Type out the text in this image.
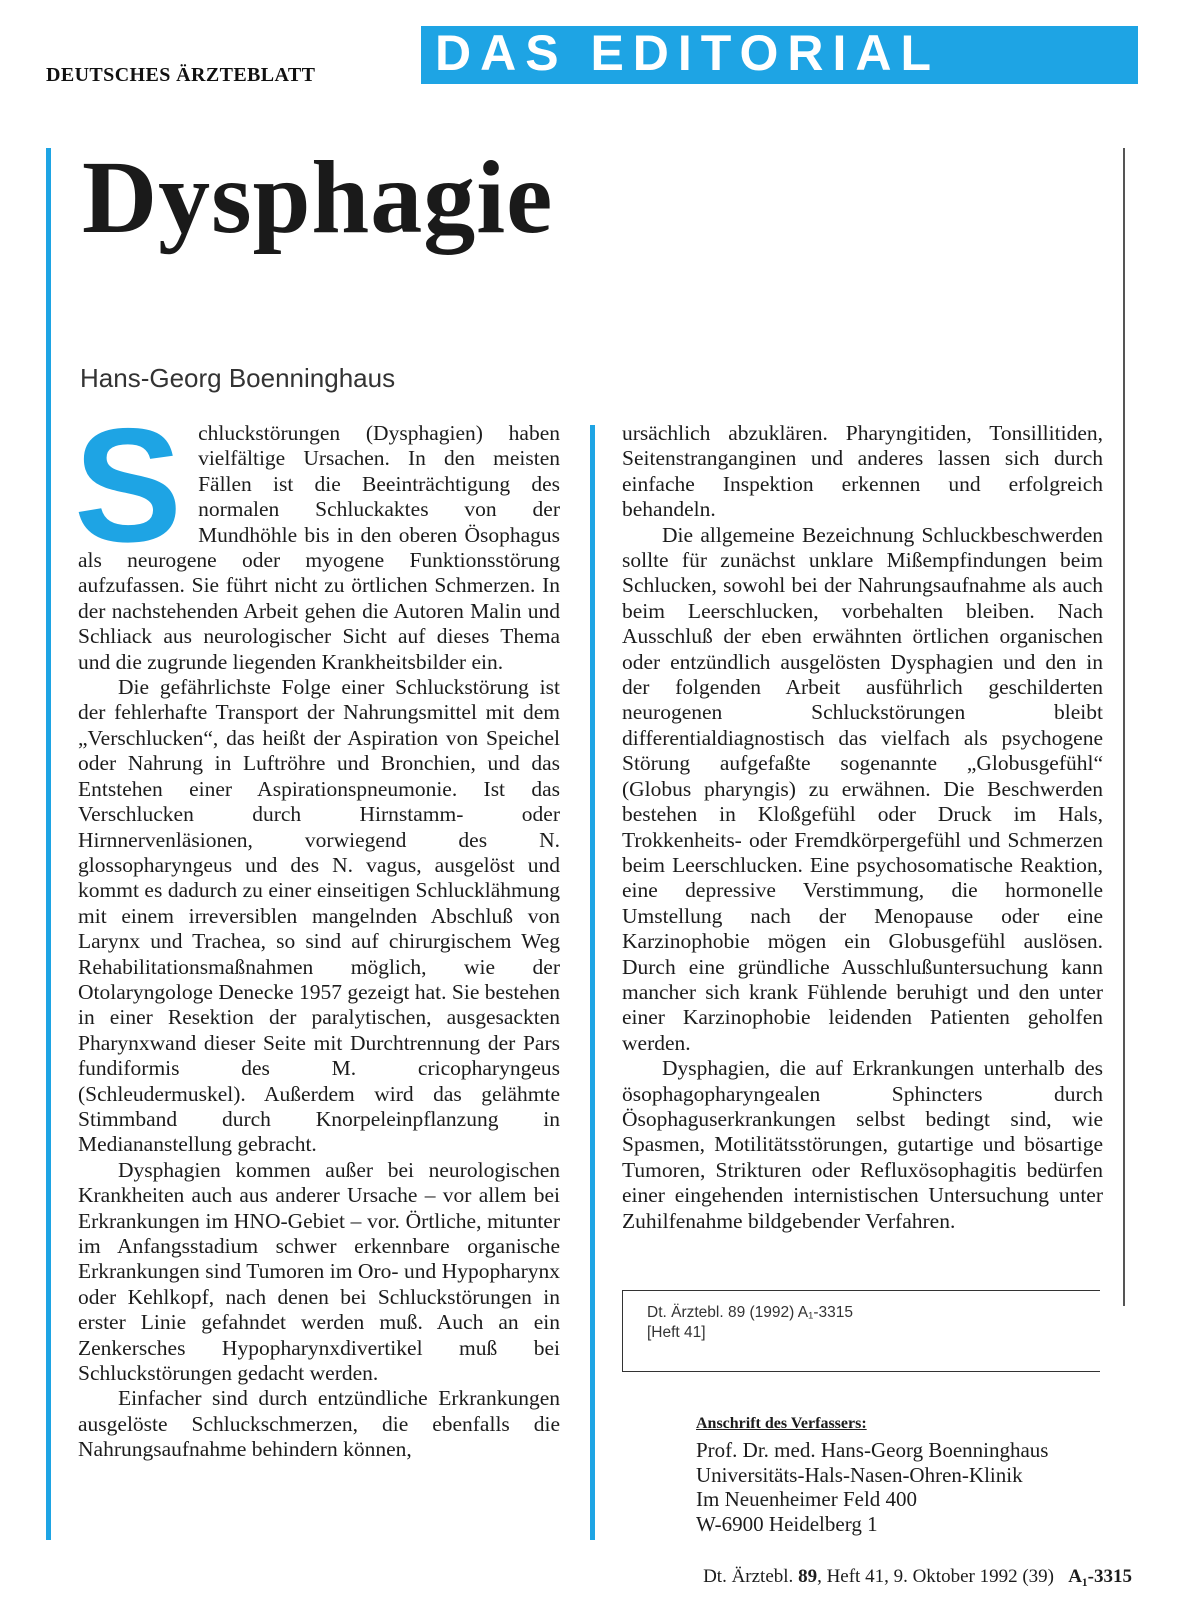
DEUTSCHES ÄRZTEBLATT DAS EDITORIAL
Dysphagie
Hans-Georg Boenninghaus

Schluckstörungen (Dysphagien) haben vielfältige Ursachen. In den meisten Fällen ist die Beeinträchtigung des normalen Schluckaktes von der Mundhöhle bis in den oberen Ösophagus als neurogene oder myogene Funktionsstörung aufzufassen. Sie führt nicht zu örtlichen Schmerzen. In der nachstehenden Arbeit gehen die Autoren Malin und Schliack aus neurologischer Sicht auf dieses Thema und die zugrunde liegenden Krankheitsbilder ein.

Die gefährlichste Folge einer Schluckstörung ist der fehlerhafte Transport der Nahrungsmittel mit dem „Verschlucken“, das heißt der Aspiration von Speichel oder Nahrung in Luftröhre und Bronchien, und das Entstehen einer Aspirationspneumonie. Ist das Verschlucken durch Hirnstamm- oder Hirnnervenläsionen, vorwiegend des N. glossopharyngeus und des N. vagus, ausgelöst und kommt es dadurch zu einer einseitigen Schlucklähmung mit einem irreversiblen mangelnden Abschluß von Larynx und Trachea, so sind auf chirurgischem Weg Rehabilitationsmaßnahmen möglich, wie der Otolaryngologe Denecke 1957 gezeigt hat. Sie bestehen in einer Resektion der paralytischen, ausgesackten Pharynxwand dieser Seite mit Durchtrennung der Pars fundiformis des M. cricopharyngeus (Schleudermuskel). Außerdem wird das gelähmte Stimmband durch Knorpeleinpflanzung in Mediananstellung gebracht.

Dysphagien kommen außer bei neurologischen Krankheiten auch aus anderer Ursache – vor allem bei Erkrankungen im HNO-Gebiet – vor. Örtliche, mitunter im Anfangsstadium schwer erkennbare organische Erkrankungen sind Tumoren im Oro- und Hypopharynx oder Kehlkopf, nach denen bei Schluckstörungen in erster Linie gefahndet werden muß. Auch an ein Zenkersches Hypopharynxdivertikel muß bei Schluckstörungen gedacht werden.

Einfacher sind durch entzündliche Erkrankungen ausgelöste Schluckschmerzen, die ebenfalls die Nahrungsaufnahme behindern können,

ursächlich abzuklären. Pharyngitiden, Tonsillitiden, Seitenstranganginen und anderes lassen sich durch einfache Inspektion erkennen und erfolgreich behandeln.

Die allgemeine Bezeichnung Schluckbeschwerden sollte für zunächst unklare Mißempfindungen beim Schlucken, sowohl bei der Nahrungsaufnahme als auch beim Leerschlucken, vorbehalten bleiben. Nach Ausschluß der eben erwähnten örtlichen organischen oder entzündlich ausgelösten Dysphagien und den in der folgenden Arbeit ausführlich geschilderten neurogenen Schluckstörungen bleibt differentialdiagnostisch das vielfach als psychogene Störung aufgefaßte sogenannte „Globusgefühl“ (Globus pharyngis) zu erwähnen. Die Beschwerden bestehen in Kloßgefühl oder Druck im Hals, Trokkenheits- oder Fremdkörpergefühl und Schmerzen beim Leerschlucken. Eine psychosomatische Reaktion, eine depressive Verstimmung, die hormonelle Umstellung nach der Menopause oder eine Karzinophobie mögen ein Globusgefühl auslösen. Durch eine gründliche Ausschlußuntersuchung kann mancher sich krank Fühlende beruhigt und den unter einer Karzinophobie leidenden Patienten geholfen werden.

Dysphagien, die auf Erkrankungen unterhalb des ösophagopharyngealen Sphincters durch Ösophaguserkrankungen selbst bedingt sind, wie Spasmen, Motilitätsstörungen, gutartige und bösartige Tumoren, Strikturen oder Refluxösophagitis bedürfen einer eingehenden internistischen Untersuchung unter Zuhilfenahme bildgebender Verfahren.

Dt. Ärztebl. 89 (1992) A₁-3315
[Heft 41]
Anschrift des Verfassers:
Prof. Dr. med. Hans-Georg Boenninghaus
Universitäts-Hals-Nasen-Ohren-Klinik
Im Neuenheimer Feld 400
W-6900 Heidelberg 1
Dt. Ärztebl. 89, Heft 41, 9. Oktober 1992 (39) A₁-3315
